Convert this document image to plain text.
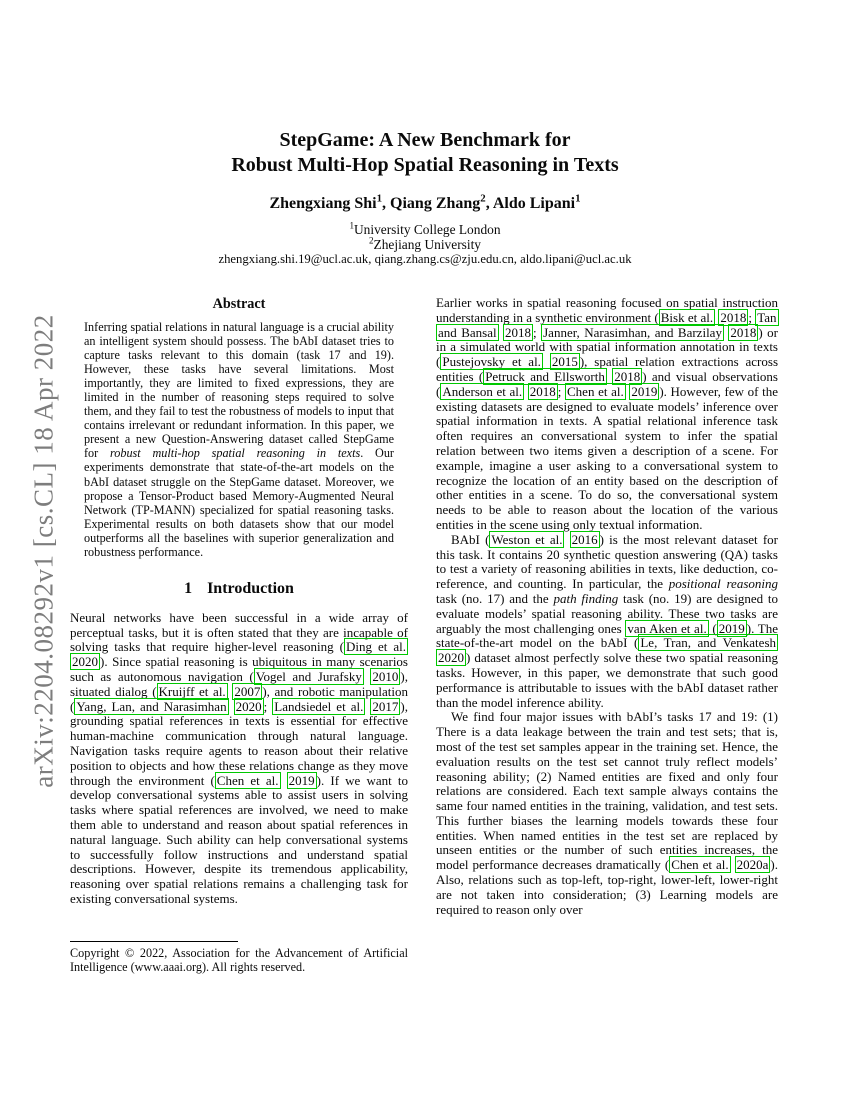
arXiv:2204.08292v1 [cs.CL] 18 Apr 2022
StepGame: A New Benchmark for
Robust Multi-Hop Spatial Reasoning in Texts
Zhengxiang Shi$^1$, Qiang Zhang$^2$, Aldo Lipani$^1$
$^1$University College London
$^2$Zhejiang University
zhengxiang.shi.19@ucl.ac.uk, qiang.zhang.cs@zju.edu.cn, aldo.lipani@ucl.ac.uk
Abstract

Inferring spatial relations in natural language is a crucial ability an intelligent system should possess. The bAbI dataset tries to capture tasks relevant to this domain (task 17 and 19). However, these tasks have several limitations. Most importantly, they are limited to fixed expressions, they are limited in the number of reasoning steps required to solve them, and they fail to test the robustness of models to input that contains irrelevant or redundant information. In this paper, we present a new Question-Answering dataset called StepGame for robust multi-hop spatial reasoning in texts. Our experiments demonstrate that state-of-the-art models on the bAbI dataset struggle on the StepGame dataset. Moreover, we propose a Tensor-Product based Memory-Augmented Neural Network (TP-MANN) specialized for spatial reasoning tasks. Experimental results on both datasets show that our model outperforms all the baselines with superior generalization and robustness performance.

1 Introduction

Neural networks have been successful in a wide array of perceptual tasks, but it is often stated that they are incapable of solving tasks that require higher-level reasoning ( Ding et al. 2020 ). Since spatial reasoning is ubiquitous in many scenarios such as autonomous navigation ( Vogel and Jurafsky 2010 ), situated dialog ( Kruijff et al. 2007 ), and robotic manipulation ( Yang, Lan, and Narasimhan 2020 ; Landsiedel et al. 2017 ), grounding spatial references in texts is essential for effective human-machine communication through natural language. Navigation tasks require agents to reason about their relative position to objects and how these relations change as they move through the environment ( Chen et al. 2019 ). If we want to develop conversational systems able to assist users in solving tasks where spatial references are involved, we need to make them able to understand and reason about spatial references in natural language. Such ability can help conversational systems to successfully follow instructions and understand spatial descriptions. However, despite its tremendous applicability, reasoning over spatial relations remains a challenging task for existing conversational systems.

Earlier works in spatial reasoning focused on spatial instruction understanding in a synthetic environment ( Bisk et al. 2018 ; Tan and Bansal 2018 ; Janner, Narasimhan, and Barzilay 2018 ) or in a simulated world with spatial information annotation in texts ( Pustejovsky et al. 2015 ), spatial relation extractions across entities ( Petruck and Ellsworth 2018 ) and visual observations ( Anderson et al. 2018 ; Chen et al. 2019 ). However, few of the existing datasets are designed to evaluate models’ inference over spatial information in texts. A spatial relational inference task often requires an conversational system to infer the spatial relation between two items given a description of a scene. For example, imagine a user asking to a conversational system to recognize the location of an entity based on the description of other entities in a scene. To do so, the conversational system needs to be able to reason about the location of the various entities in the scene using only textual information.

BAbI ( Weston et al. 2016 ) is the most relevant dataset for this task. It contains 20 synthetic question answering (QA) tasks to test a variety of reasoning abilities in texts, like deduction, co-reference, and counting. In particular, the positional reasoning task (no. 17) and the path finding task (no. 19) are designed to evaluate models’ spatial reasoning ability. These two tasks are arguably the most challenging ones van Aken et al. ( 2019 ). The state-of-the-art model on the bAbI ( Le, Tran, and Venkatesh 2020 ) dataset almost perfectly solve these two spatial reasoning tasks. However, in this paper, we demonstrate that such good performance is attributable to issues with the bAbI dataset rather than the model inference ability.

We find four major issues with bAbI’s tasks 17 and 19: (1) There is a data leakage between the train and test sets; that is, most of the test set samples appear in the training set. Hence, the evaluation results on the test set cannot truly reflect models’ reasoning ability; (2) Named entities are fixed and only four relations are considered. Each text sample always contains the same four named entities in the training, validation, and test sets. This further biases the learning models towards these four entities. When named entities in the test set are replaced by unseen entities or the number of such entities increases, the model performance decreases dramatically ( Chen et al. 2020a ). Also, relations such as top-left, top-right, lower-left, lower-right are not taken into consideration; (3) Learning models are required to reason only over

Copyright © 2022, Association for the Advancement of Artificial Intelligence (www.aaai.org). All rights reserved.
